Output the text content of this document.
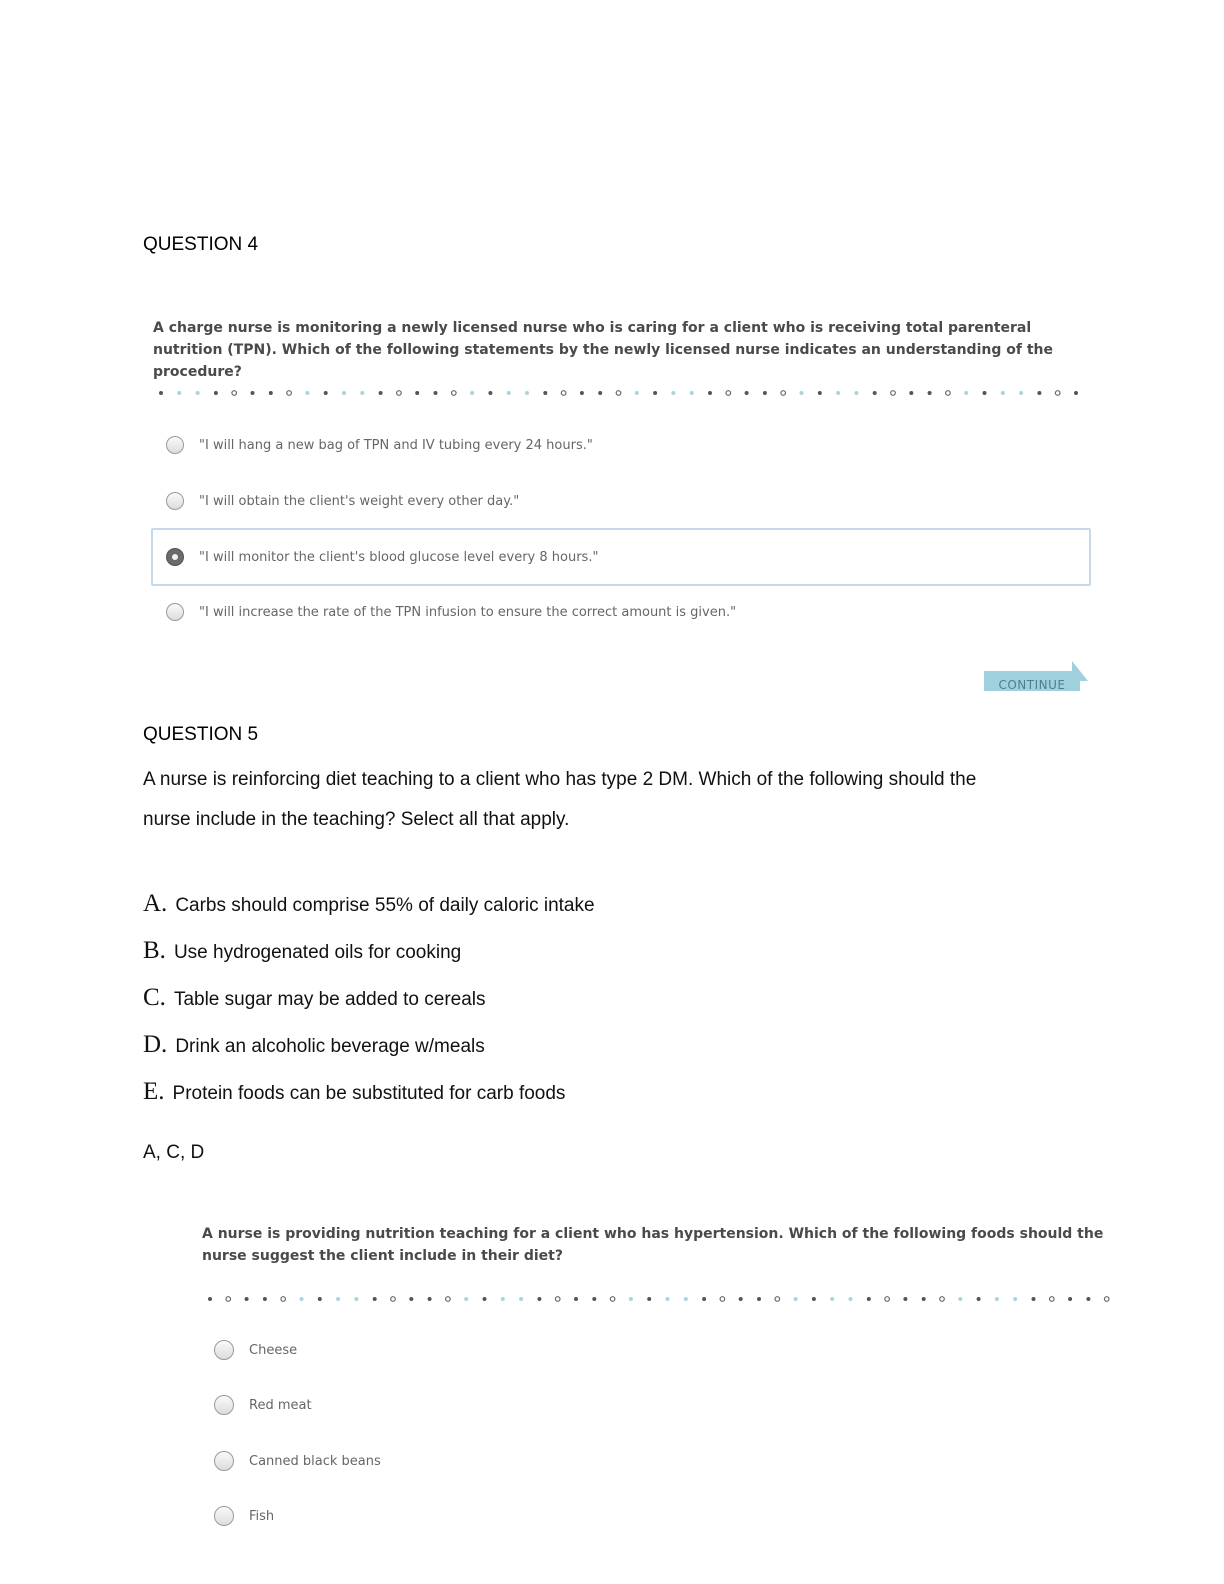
QUESTION 4
A charge nurse is monitoring a newly licensed nurse who is caring for a client who is receiving total parenteral nutrition (TPN). Which of the following statements by the newly licensed nurse indicates an understanding of the procedure?
"I will hang a new bag of TPN and IV tubing every 24 hours."
"I will obtain the client's weight every other day."
"I will monitor the client's blood glucose level every 8 hours."
"I will increase the rate of the TPN infusion to ensure the correct amount is given."
CONTINUE
QUESTION 5
A nurse is reinforcing diet teaching to a client who has type 2 DM. Which of the following should the
nurse include in the teaching? Select all that apply.
A. Carbs should comprise 55% of daily caloric intake
B. Use hydrogenated oils for cooking
C. Table sugar may be added to cereals
D. Drink an alcoholic beverage w/meals
E. Protein foods can be substituted for carb foods
A, C, D
A nurse is providing nutrition teaching for a client who has hypertension. Which of the following foods should the nurse suggest the client include in their diet?
Cheese
Red meat
Canned black beans
Fish
